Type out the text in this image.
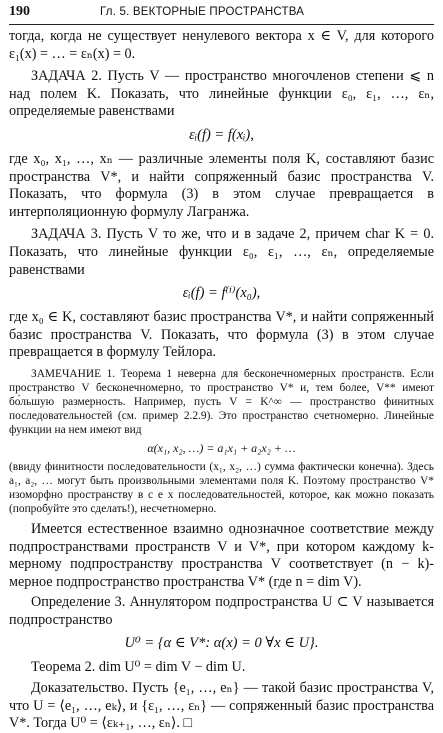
190	Гл. 5. ВЕКТОРНЫЕ ПРОСТРАНСТВА

тогда, когда не существует ненулевого вектора x ∈ V, для которого ε₁(x) = … = εₙ(x) = 0.

ЗАДАЧА 2. Пусть V — пространство многочленов степени ⩽ n над полем K. Показать, что линейные функции ε₀, ε₁, …, εₙ, определяемые равенствами

εᵢ(f) = f(xᵢ),

где x₀, x₁, …, xₙ — различные элементы поля K, составляют базис пространства V*, и найти сопряженный базис пространства V. Показать, что формула (3) в этом случае превращается в интерполяционную формулу Лагранжа.

ЗАДАЧА 3. Пусть V то же, что и в задаче 2, причем char K = 0. Показать, что линейные функции ε₀, ε₁, …, εₙ, определяемые равенствами

εᵢ(f) = f⁽ⁱ⁾(x₀),

где x₀ ∈ K, составляют базис пространства V*, и найти сопряженный базис пространства V. Показать, что формула (3) в этом случае превращается в формулу Тейлора.

ЗАМЕЧАНИЕ 1. Теорема 1 неверна для бесконечномерных пространств. Если пространство V бесконечномерно, то пространство V* и, тем более, V** имеют бо́льшую размерность. Например, пусть V = K^∞ — пространство финитных последовательностей (см. пример 2.2.9). Это пространство счетномерно. Линейные функции на нем имеют вид

α(x₁, x₂, …) = a₁x₁ + a₂x₂ + …

(ввиду финитности последовательности (x₁, x₂, …) сумма фактически конечна). Здесь a₁, a₂, … могут быть произвольными элементами поля K. Поэтому пространство V* изоморфно пространству в с е х последовательностей, которое, как можно показать (попробуйте это сделать!), несчетномерно.

Имеется естественное взаимно однозначное соответствие между подпространствами пространств V и V*, при котором каждому k-мерному подпространству пространства V соответствует (n − k)-мерное подпространство пространства V* (где n = dim V).

Определение 3. Аннулятором подпространства U ⊂ V называется подпространство

U⁰ = {α ∈ V*: α(x) = 0 ∀x ∈ U}.

Теорема 2. dim U⁰ = dim V − dim U.

Доказательство. Пусть {e₁, …, eₙ} — такой базис пространства V, что U = ⟨e₁, …, eₖ⟩, и {ε₁, …, εₙ} — сопряженный базис пространства V*. Тогда U⁰ = ⟨εₖ₊₁, …, εₙ⟩. □
